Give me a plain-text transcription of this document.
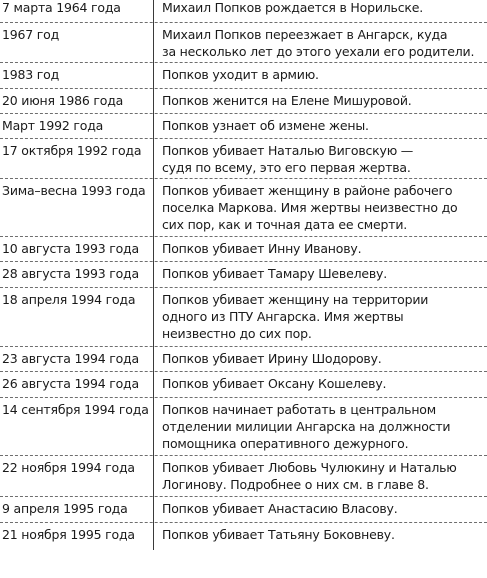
7 марта 1964 года	Михаил Попков рождается в Норильске.
1967 год	Михаил Попков переезжает в Ангарск, куда
за несколько лет до этого уехали его родители.
1983 год	Попков уходит в армию.
20 июня 1986 года	Попков женится на Елене Мишуровой.
Март 1992 года	Попков узнает об измене жены.
17 октября 1992 года Попков убивает Наталью Виговскую —
судя по всему, это его первая жертва.
Зима–весна 1993 года Попков убивает женщину в районе рабочего
поселка Маркова. Имя жертвы неизвестно до
сих пор, как и точная дата ее смерти.
10 августа 1993 года Попков убивает Инну Иванову.
28 августа 1993 года Попков убивает Тамару Шевелеву.
18 апреля 1994 года Попков убивает женщину на территории
одного из ПТУ Ангарска. Имя жертвы
неизвестно до сих пор.
23 августа 1994 года Попков убивает Ирину Шодорову.
26 августа 1994 года Попков убивает Оксану Кошелеву.
14 сентября 1994 года Попков начинает работать в центральном
отделении милиции Ангарска на должности
помощника оперативного дежурного.
22 ноября 1994 года Попков убивает Любовь Чулюкину и Наталью
Логинову. Подробнее о них см. в главе 8.
9 апреля 1995 года	Попков убивает Анастасию Власову.
21 ноября 1995 года Попков убивает Татьяну Боковневу.
